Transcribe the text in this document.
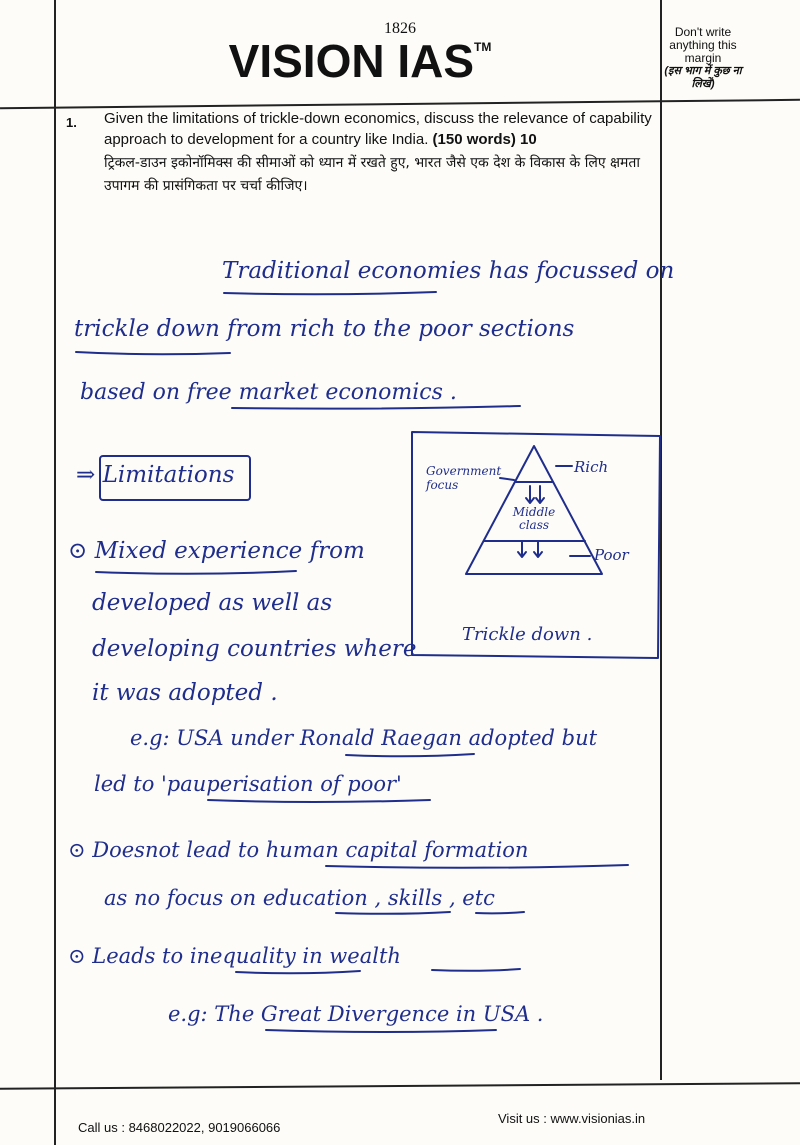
1826
VISION IAS™
Don't write anything this margin
(इस भाग में कुछ ना लिखें)
1. Given the limitations of trickle-down economics, discuss the relevance of capability approach to development for a country like India. (150 words) 10
ट्रिकल-डाउन इकोनॉमिक्स की सीमाओं को ध्यान में रखते हुए, भारत जैसे एक देश के विकास के लिए क्षमता उपागम की प्रासंगिकता पर चर्चा कीजिए।
Traditional economies has focussed on
trickle down from rich to the poor sections
based on free market economics .
⇒ Limitations
⊙ Mixed experience from
developed as well as
developing countries where
it was adopted .
e.g: USA under Ronald Raegan adopted but
led to 'pauperisation of poor'
⊙ Doesnot lead to human capital formation
as no focus on education , skills , etc
⊙ Leads to inequality in wealth
e.g: The Great Divergence in USA .
Government focus
Rich
Middle class
Poor
Trickle down .
Call us : 8468022022, 9019066066
Visit us : www.visionias.in
